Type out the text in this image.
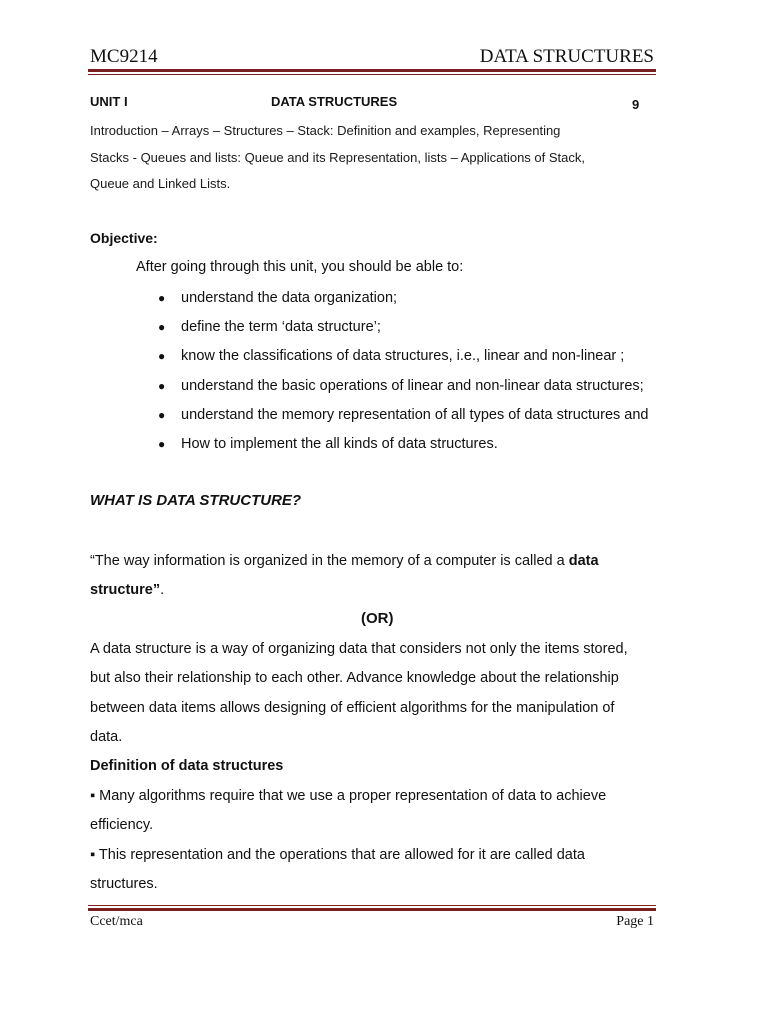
MC9214	DATA STRUCTURES
UNIT I	DATA STRUCTURES	9
Introduction – Arrays – Structures – Stack: Definition and examples, Representing
Stacks - Queues and lists: Queue and its Representation, lists – Applications of Stack,
Queue and Linked Lists.
Objective:
After going through this unit, you should be able to:
● understand the data organization;
● define the term ‘data structure’;
● know the classifications of data structures, i.e., linear and non-linear ;
● understand the basic operations of linear and non-linear data structures;
● understand the memory representation of all types of data structures and
● How to implement the all kinds of data structures.
WHAT IS DATA STRUCTURE?
“The way information is organized in the memory of a computer is called a data
structure”.
(OR)
A data structure is a way of organizing data that considers not only the items stored,
but also their relationship to each other. Advance knowledge about the relationship
between data items allows designing of efficient algorithms for the manipulation of
data.
Definition of data structures
▪ Many algorithms require that we use a proper representation of data to achieve
efficiency.
▪ This representation and the operations that are allowed for it are called data
structures.
Ccet/mca	Page 1
